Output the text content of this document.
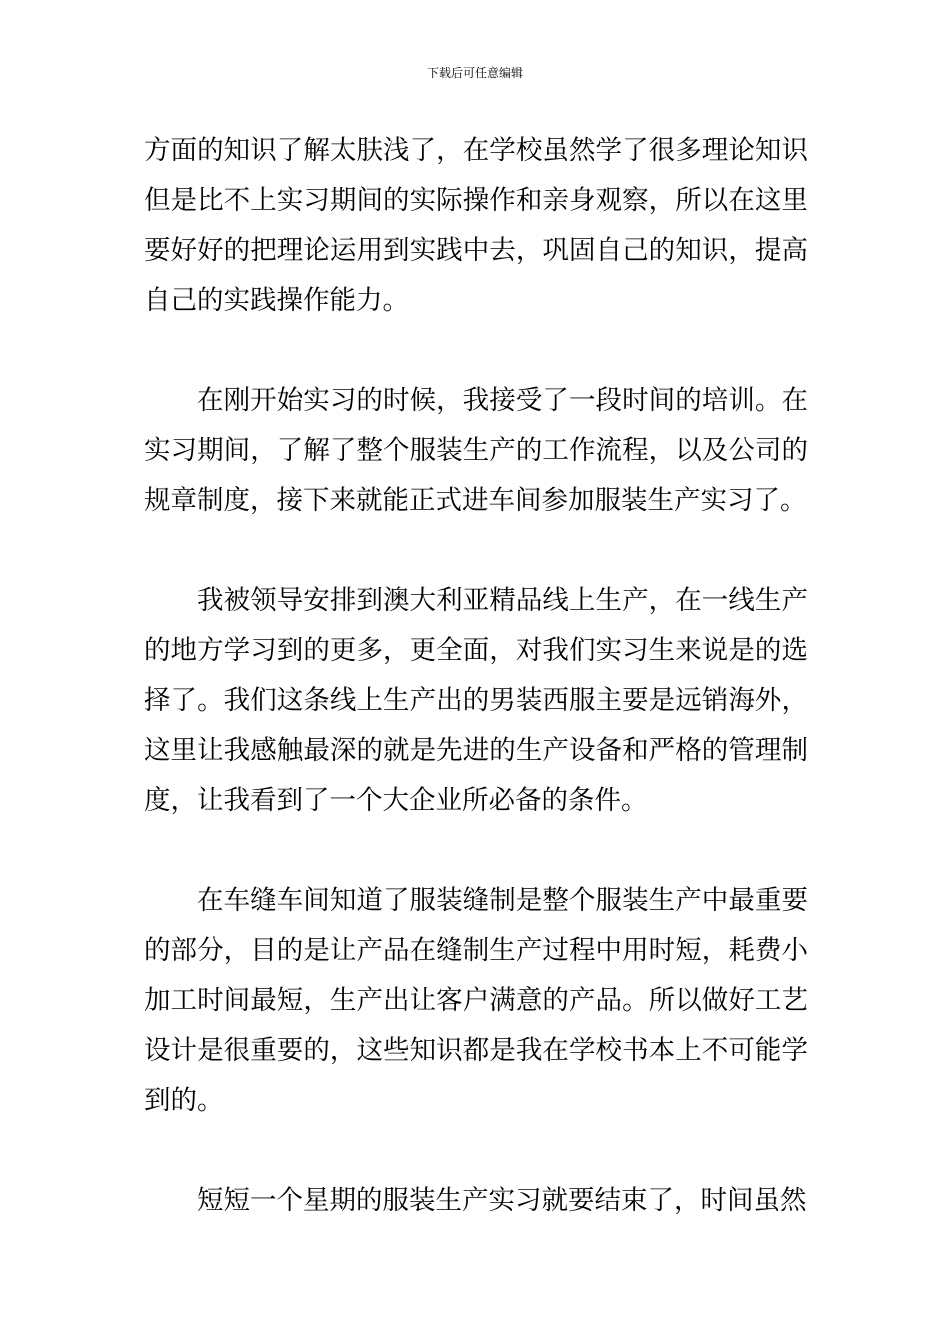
下载后可任意编辑

方面的知识了解太肤浅了，在学校虽然学了很多理论知识但是比不上实习期间的实际操作和亲身观察，所以在这里要好好的把理论运用到实践中去，巩固自己的知识，提高自己的实践操作能力。

在刚开始实习的时候，我接受了一段时间的培训。在实习期间，了解了整个服装生产的工作流程，以及公司的规章制度，接下来就能正式进车间参加服装生产实习了。

我被领导安排到澳大利亚精品线上生产，在一线生产的地方学习到的更多，更全面，对我们实习生来说是的选择了。我们这条线上生产出的男装西服主要是远销海外，这里让我感触最深的就是先进的生产设备和严格的管理制度，让我看到了一个大企业所必备的条件。

在车缝车间知道了服装缝制是整个服装生产中最重要的部分，目的是让产品在缝制生产过程中用时短，耗费小加工时间最短，生产出让客户满意的产品。所以做好工艺设计是很重要的，这些知识都是我在学校书本上不可能学到的。

短短一个星期的服装生产实习就要结束了，时间虽然
